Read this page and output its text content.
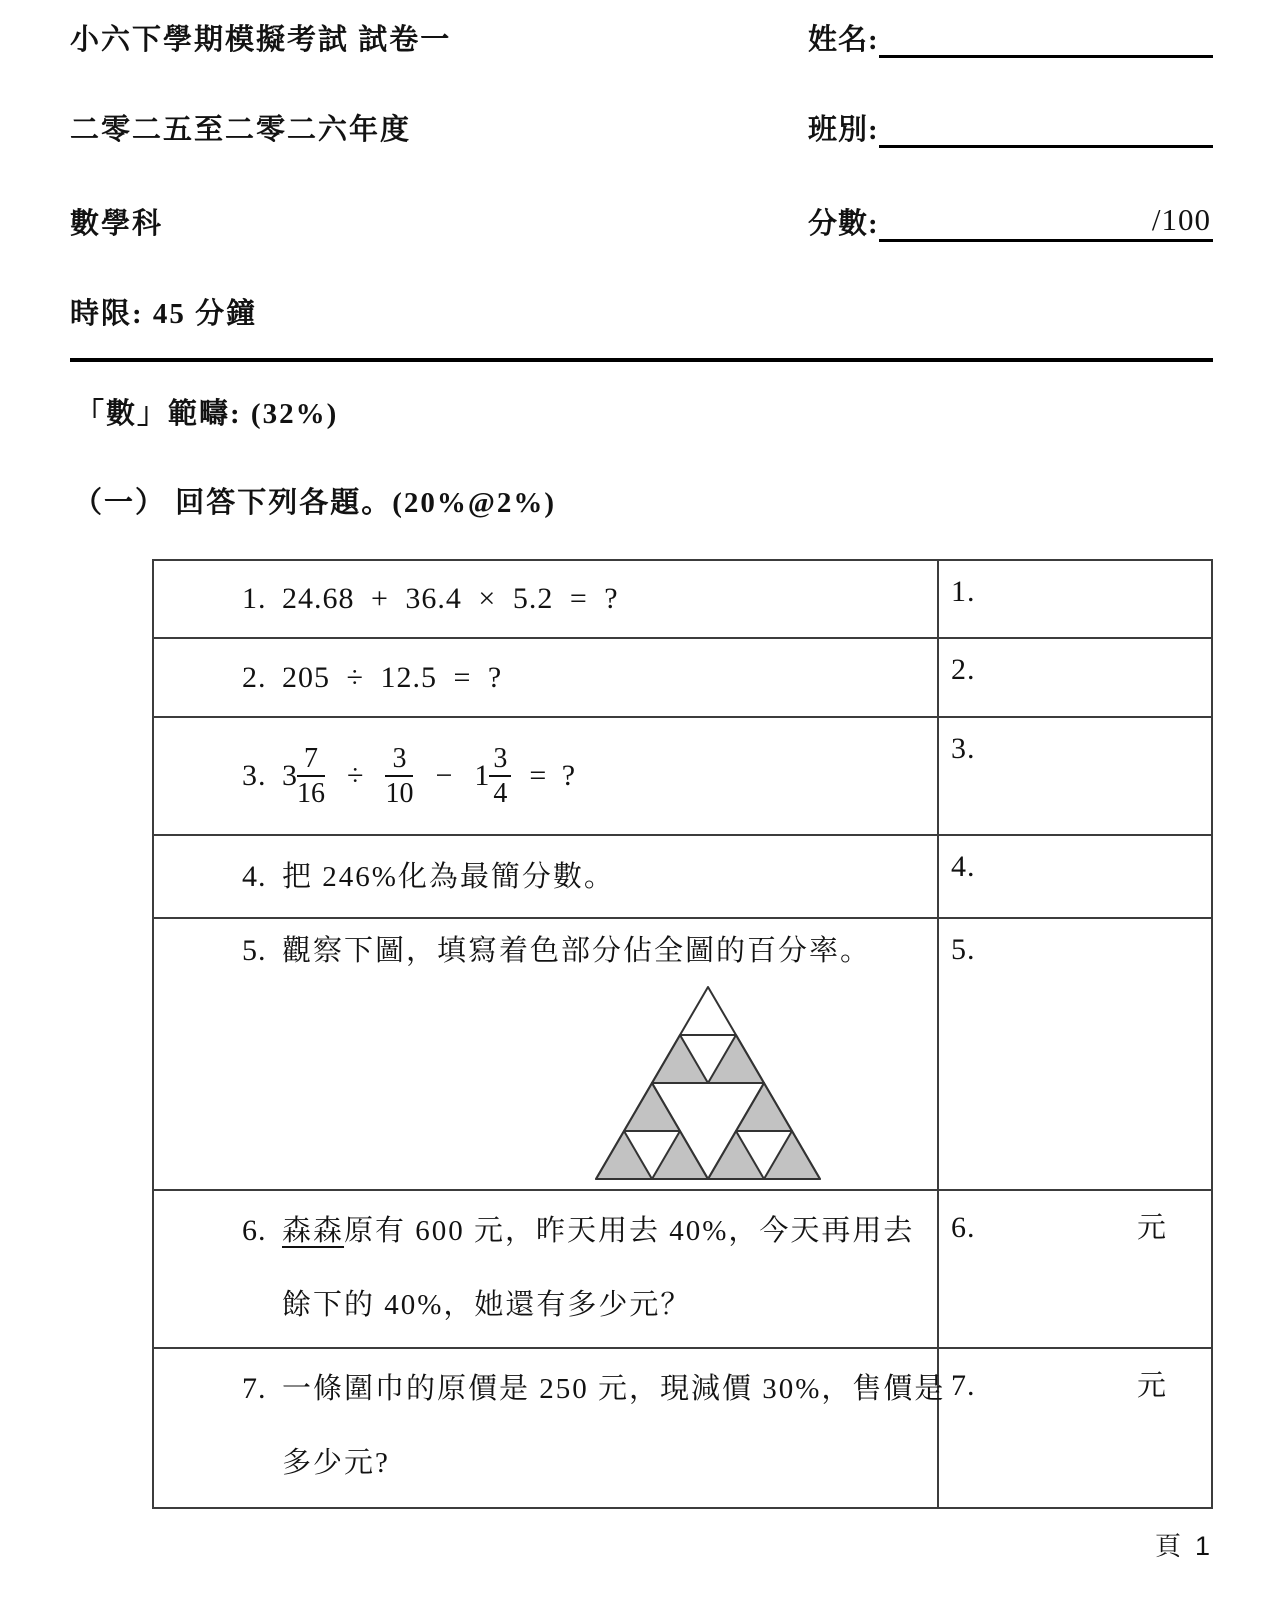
小六下學期模擬考試 試卷一	姓名:
二零二五至二零二六年度	班別:
數學科	分數:	/100
時限: 45 分鐘
「數」範疇: (32%)
（一） 回答下列各題。(20%@2%)
1. 24.68 + 36.4 × 5.2 = ?	1.

2. 205 ÷ 12.5 = ?	2.

3. $3 \frac{7}{16} \div \frac{3}{10} - 1 \frac{3}{4}$ = ?

3.

4. 把 246%化為最簡分數。	4.

5. 觀察下圖，填寫着色部分佔全圖的百分率。	5.

6. 森森原有 600 元，昨天用去 40%，今天再用去
餘下的 40%，她還有多少元？

6.	元

7. 一條圍巾的原價是 250 元，現減價 30%，售價是
多少元?

7.	元
頁 1
